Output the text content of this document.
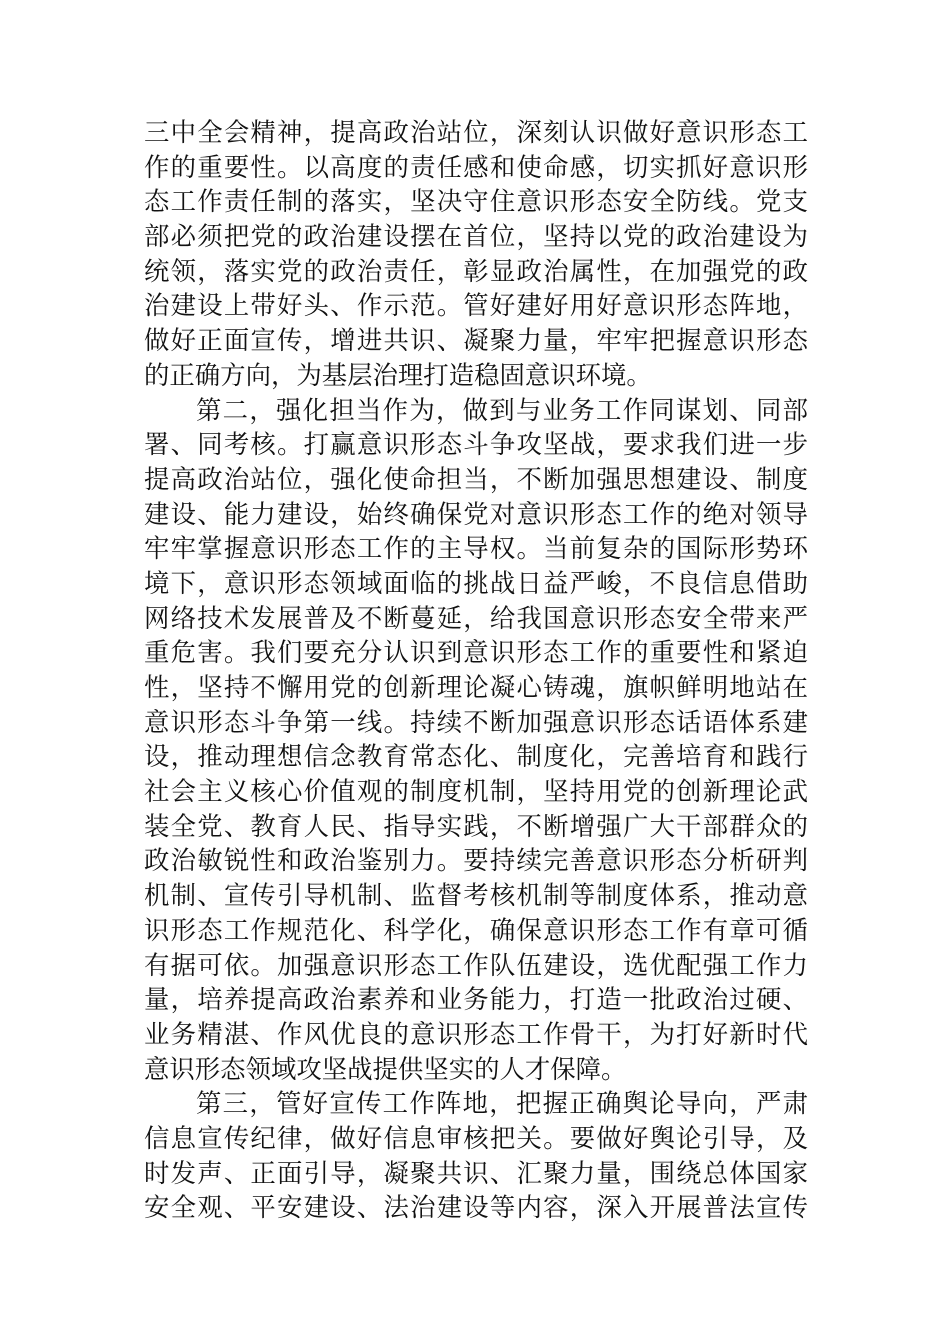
三中全会精神，提高政治站位，深刻认识做好意识形态工
作的重要性。以高度的责任感和使命感，切实抓好意识形
态工作责任制的落实，坚决守住意识形态安全防线。党支
部必须把党的政治建设摆在首位，坚持以党的政治建设为
统领，落实党的政治责任，彰显政治属性，在加强党的政
治建设上带好头、作示范。管好建好用好意识形态阵地，
做好正面宣传，增进共识、凝聚力量，牢牢把握意识形态
的正确方向，为基层治理打造稳固意识环境。
第二，强化担当作为，做到与业务工作同谋划、同部
署、同考核。打赢意识形态斗争攻坚战，要求我们进一步
提高政治站位，强化使命担当，不断加强思想建设、制度
建设、能力建设，始终确保党对意识形态工作的绝对领导
牢牢掌握意识形态工作的主导权。当前复杂的国际形势环
境下，意识形态领域面临的挑战日益严峻，不良信息借助
网络技术发展普及不断蔓延，给我国意识形态安全带来严
重危害。我们要充分认识到意识形态工作的重要性和紧迫
性，坚持不懈用党的创新理论凝心铸魂，旗帜鲜明地站在
意识形态斗争第一线。持续不断加强意识形态话语体系建
设，推动理想信念教育常态化、制度化，完善培育和践行
社会主义核心价值观的制度机制，坚持用党的创新理论武
装全党、教育人民、指导实践，不断增强广大干部群众的
政治敏锐性和政治鉴别力。要持续完善意识形态分析研判
机制、宣传引导机制、监督考核机制等制度体系，推动意
识形态工作规范化、科学化，确保意识形态工作有章可循
有据可依。加强意识形态工作队伍建设，选优配强工作力
量，培养提高政治素养和业务能力，打造一批政治过硬、
业务精湛、作风优良的意识形态工作骨干，为打好新时代
意识形态领域攻坚战提供坚实的人才保障。
第三，管好宣传工作阵地，把握正确舆论导向，严肃
信息宣传纪律，做好信息审核把关。要做好舆论引导，及
时发声、正面引导，凝聚共识、汇聚力量，围绕总体国家
安全观、平安建设、法治建设等内容，深入开展普法宣传
